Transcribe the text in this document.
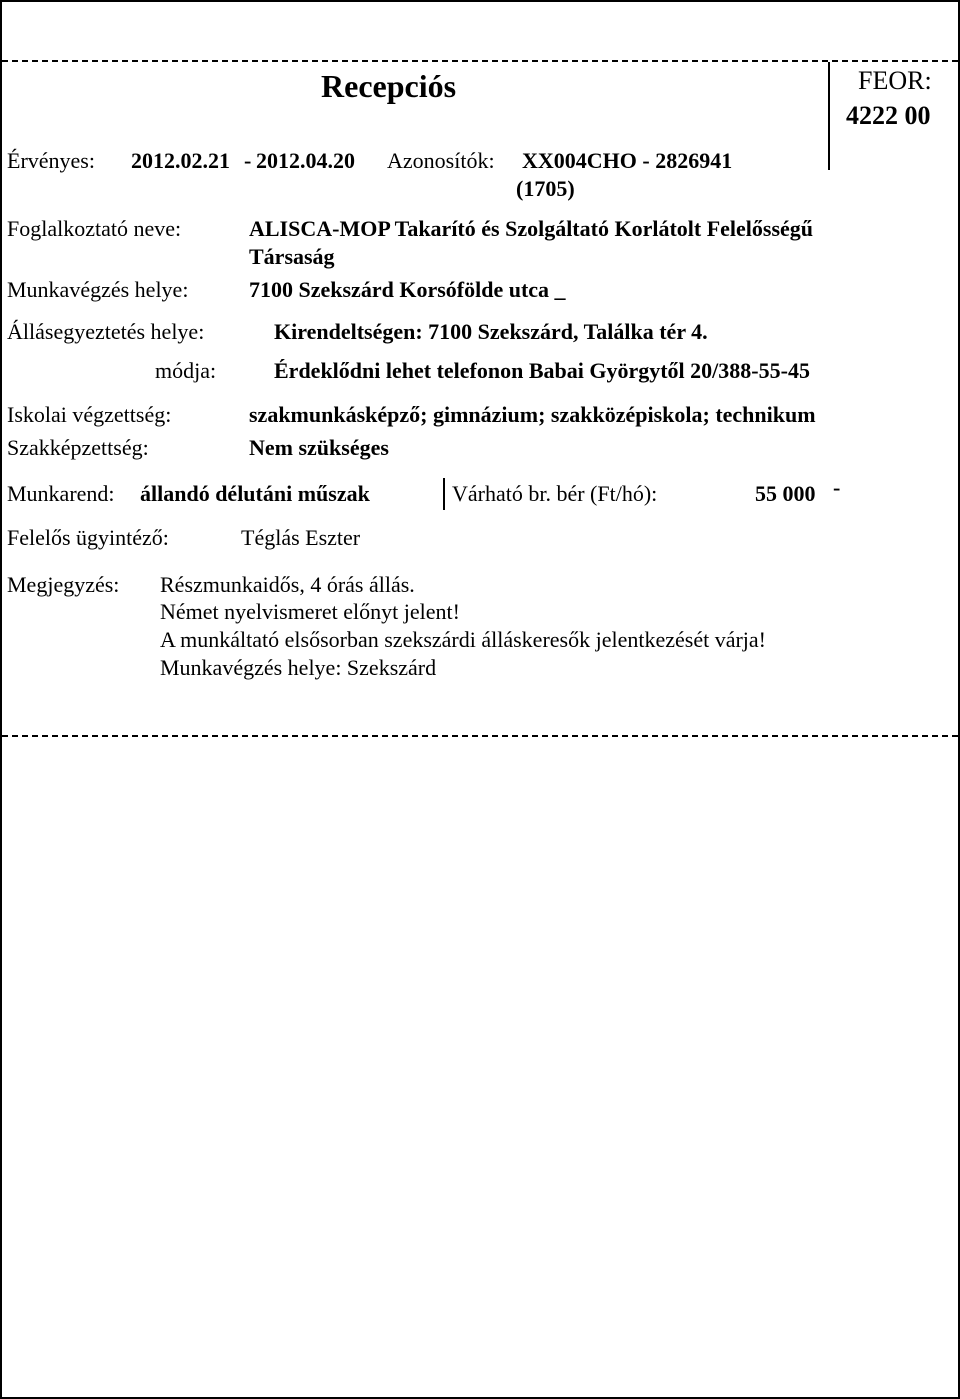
Recepciós	FEOR:
4222 00
Érvényes: 2012.02.21 - 2012.04.20 Azonosítók: XX004CHO - 2826941
(1705)
Foglalkoztató neve:	ALISCA-MOP Takarító és Szolgáltató Korlátolt Felelősségű
Társaság
Munkavégzés helye:	7100 Szekszárd Korsófölde utca _
Állásegyeztetés helye:	Kirendeltségen: 7100 Szekszárd, Találka tér 4.
módja:	Érdeklődni lehet telefonon Babai Györgytől 20/388-55-45
Iskolai végzettség:	szakmunkásképző; gimnázium; szakközépiskola; technikum
Szakképzettség:	Nem szükséges
Munkarend: állandó délutáni műszak	Várható br. bér (Ft/hó):	55 000 -
Felelős ügyintéző:	Téglás Eszter
Megjegyzés: Részmunkaidős, 4 órás állás.
Német nyelvismeret előnyt jelent!
A munkáltató elsősorban szekszárdi álláskeresők jelentkezését várja!
Munkavégzés helye: Szekszárd
